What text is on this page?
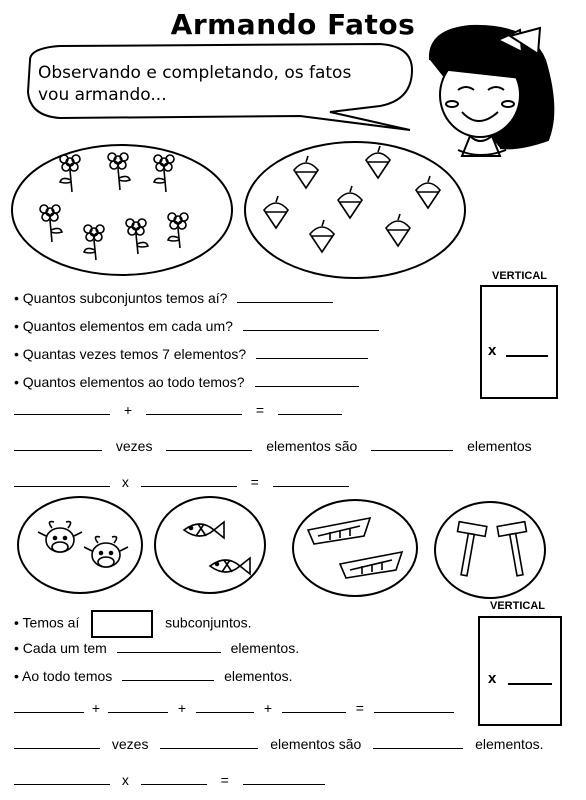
Armando Fatos
Observando e completando, os fatos
vou armando...
VERTICAL
x
• Quantos subconjuntos temos aí?
• Quantos elementos em cada um?
• Quantas vezes temos 7 elementos?
• Quantos elementos ao todo temos?
+	=
vezes	elementos são	elementos
x	=
VERTICAL
x
• Temos aí	subconjuntos.
• Cada um tem	elementos.
• Ao todo temos	elementos.
+	+	+	=
vezes	elementos são	elementos.
x	=
